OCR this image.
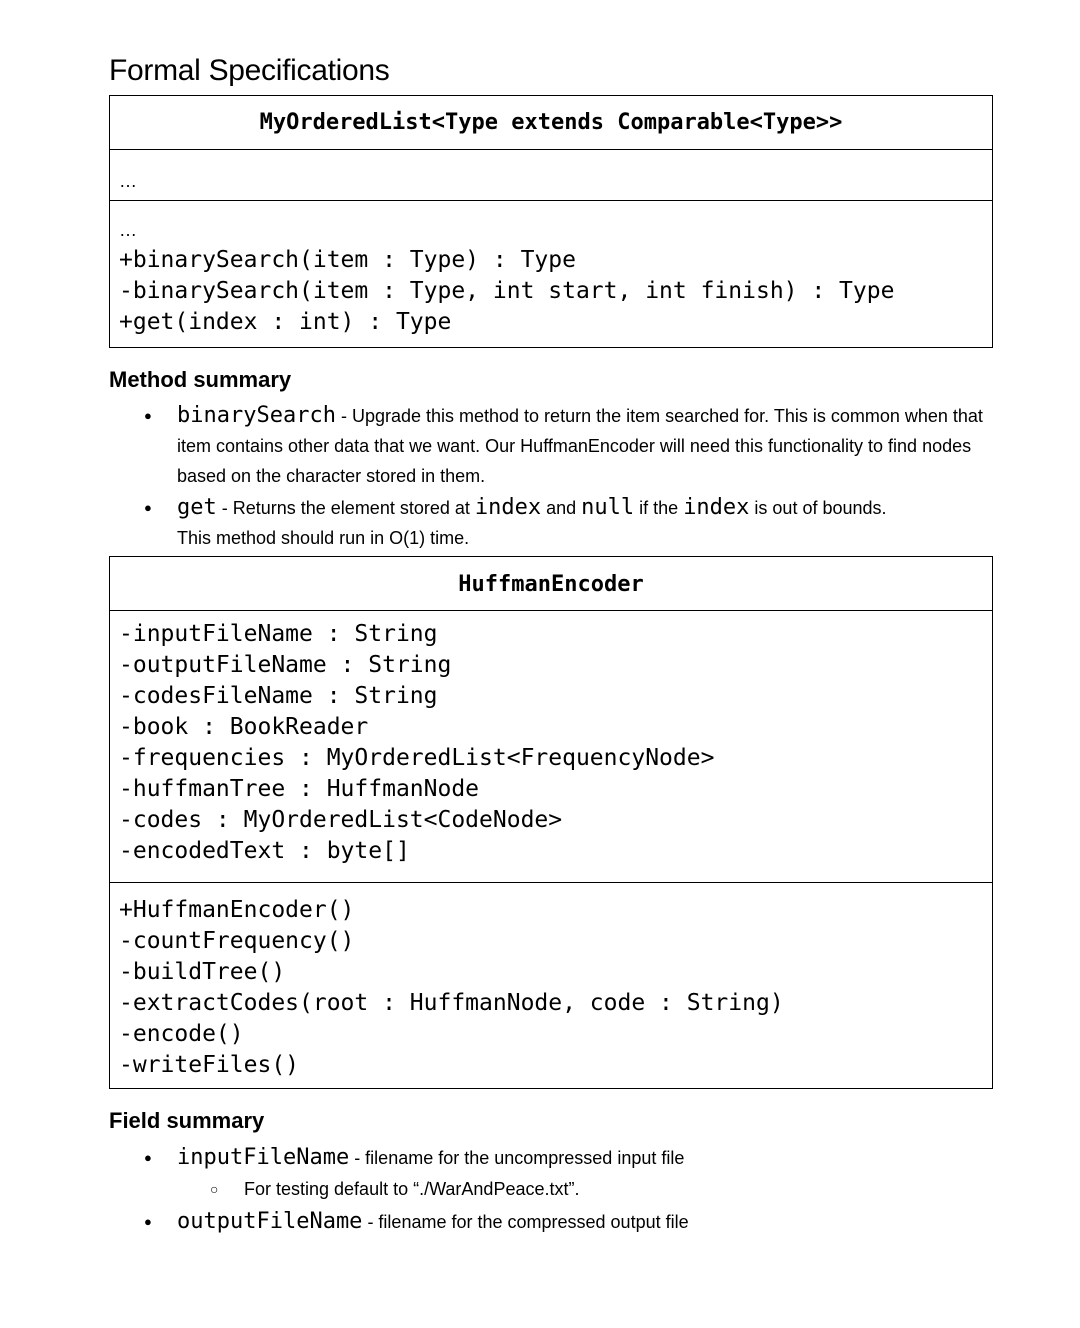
Formal Specifications
MyOrderedList<Type extends Comparable<Type>>
…
…
+binarySearch(item : Type) : Type
-binarySearch(item : Type, int start, int finish) : Type
+get(index : int) : Type
Method summary
● binarySearch - Upgrade this method to return the item searched for. This is common when that item contains other data that we want. Our HuffmanEncoder will need this functionality to find nodes based on the character stored in them.
● get - Returns the element stored at index and null if the index is out of bounds.
This method should run in O(1) time.
HuffmanEncoder
-inputFileName : String
-outputFileName : String
-codesFileName : String
-book : BookReader
-frequencies : MyOrderedList<FrequencyNode>
-huffmanTree : HuffmanNode
-codes : MyOrderedList<CodeNode>
-encodedText : byte[]
+HuffmanEncoder()
-countFrequency()
-buildTree()
-extractCodes(root : HuffmanNode, code : String)
-encode()
-writeFiles()
Field summary
● inputFileName - filename for the uncompressed input file
○ For testing default to “./WarAndPeace.txt”.
● outputFileName - filename for the compressed output file
